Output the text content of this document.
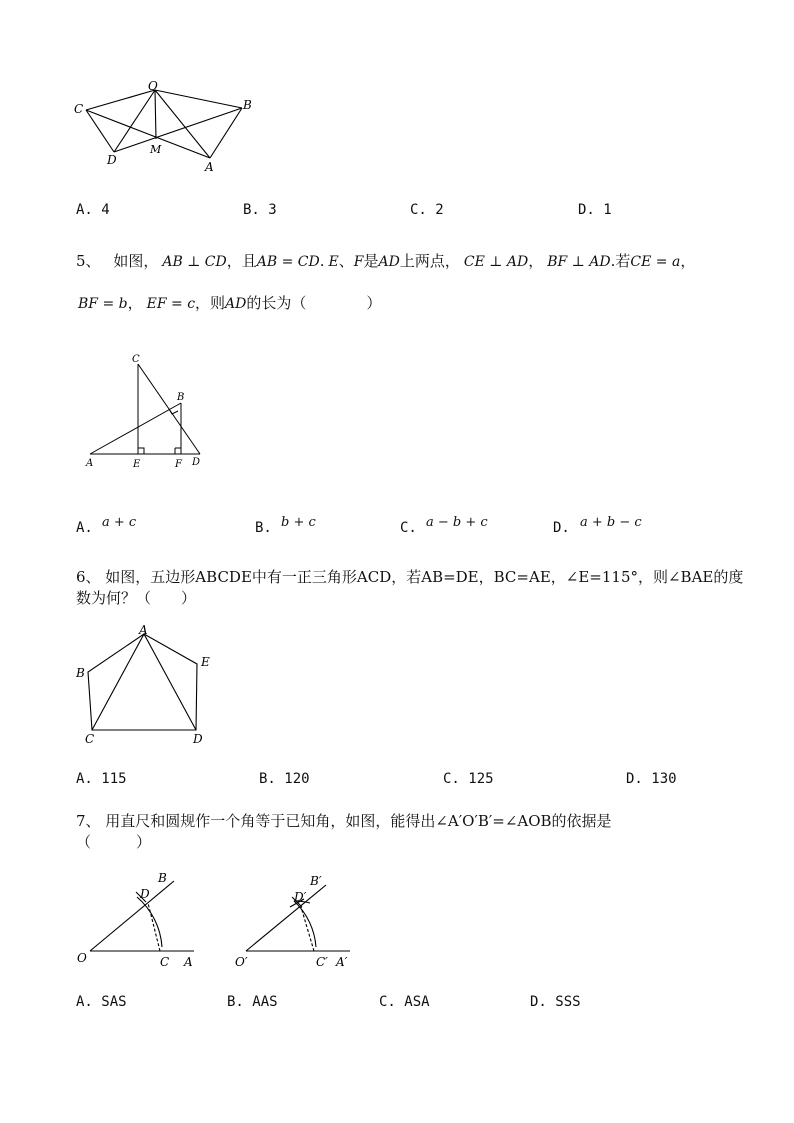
O
B
C
D
M
A
A. 4	B. 3	C. 2	D. 1
5、 如图， AB ⊥ CD，且AB = CD. E、F是AD上两点， CE ⊥ AD， BF ⊥ AD.若CE = a，
BF = b， EF = c，则AD的长为（　　　　）
C
B
A	E	F D
A. a + c	B. b + c	C. a − b + c	D. a + b − c
6、 如图，五边形ABCDE中有一正三角形ACD，若AB=DE，BC=AE，∠E=115°，则∠BAE的度
数为何？（　　）
A
B
E
C	D
A. 115	B. 120	C. 125	D. 130
7、 用直尺和圆规作一个角等于已知角，如图，能得出∠A′O′B′=∠AOB的依据是
（　　　）
B
D
O	C A
B′
D′
O′	C′ A′
A. SAS	B. AAS	C. ASA	D. SSS
